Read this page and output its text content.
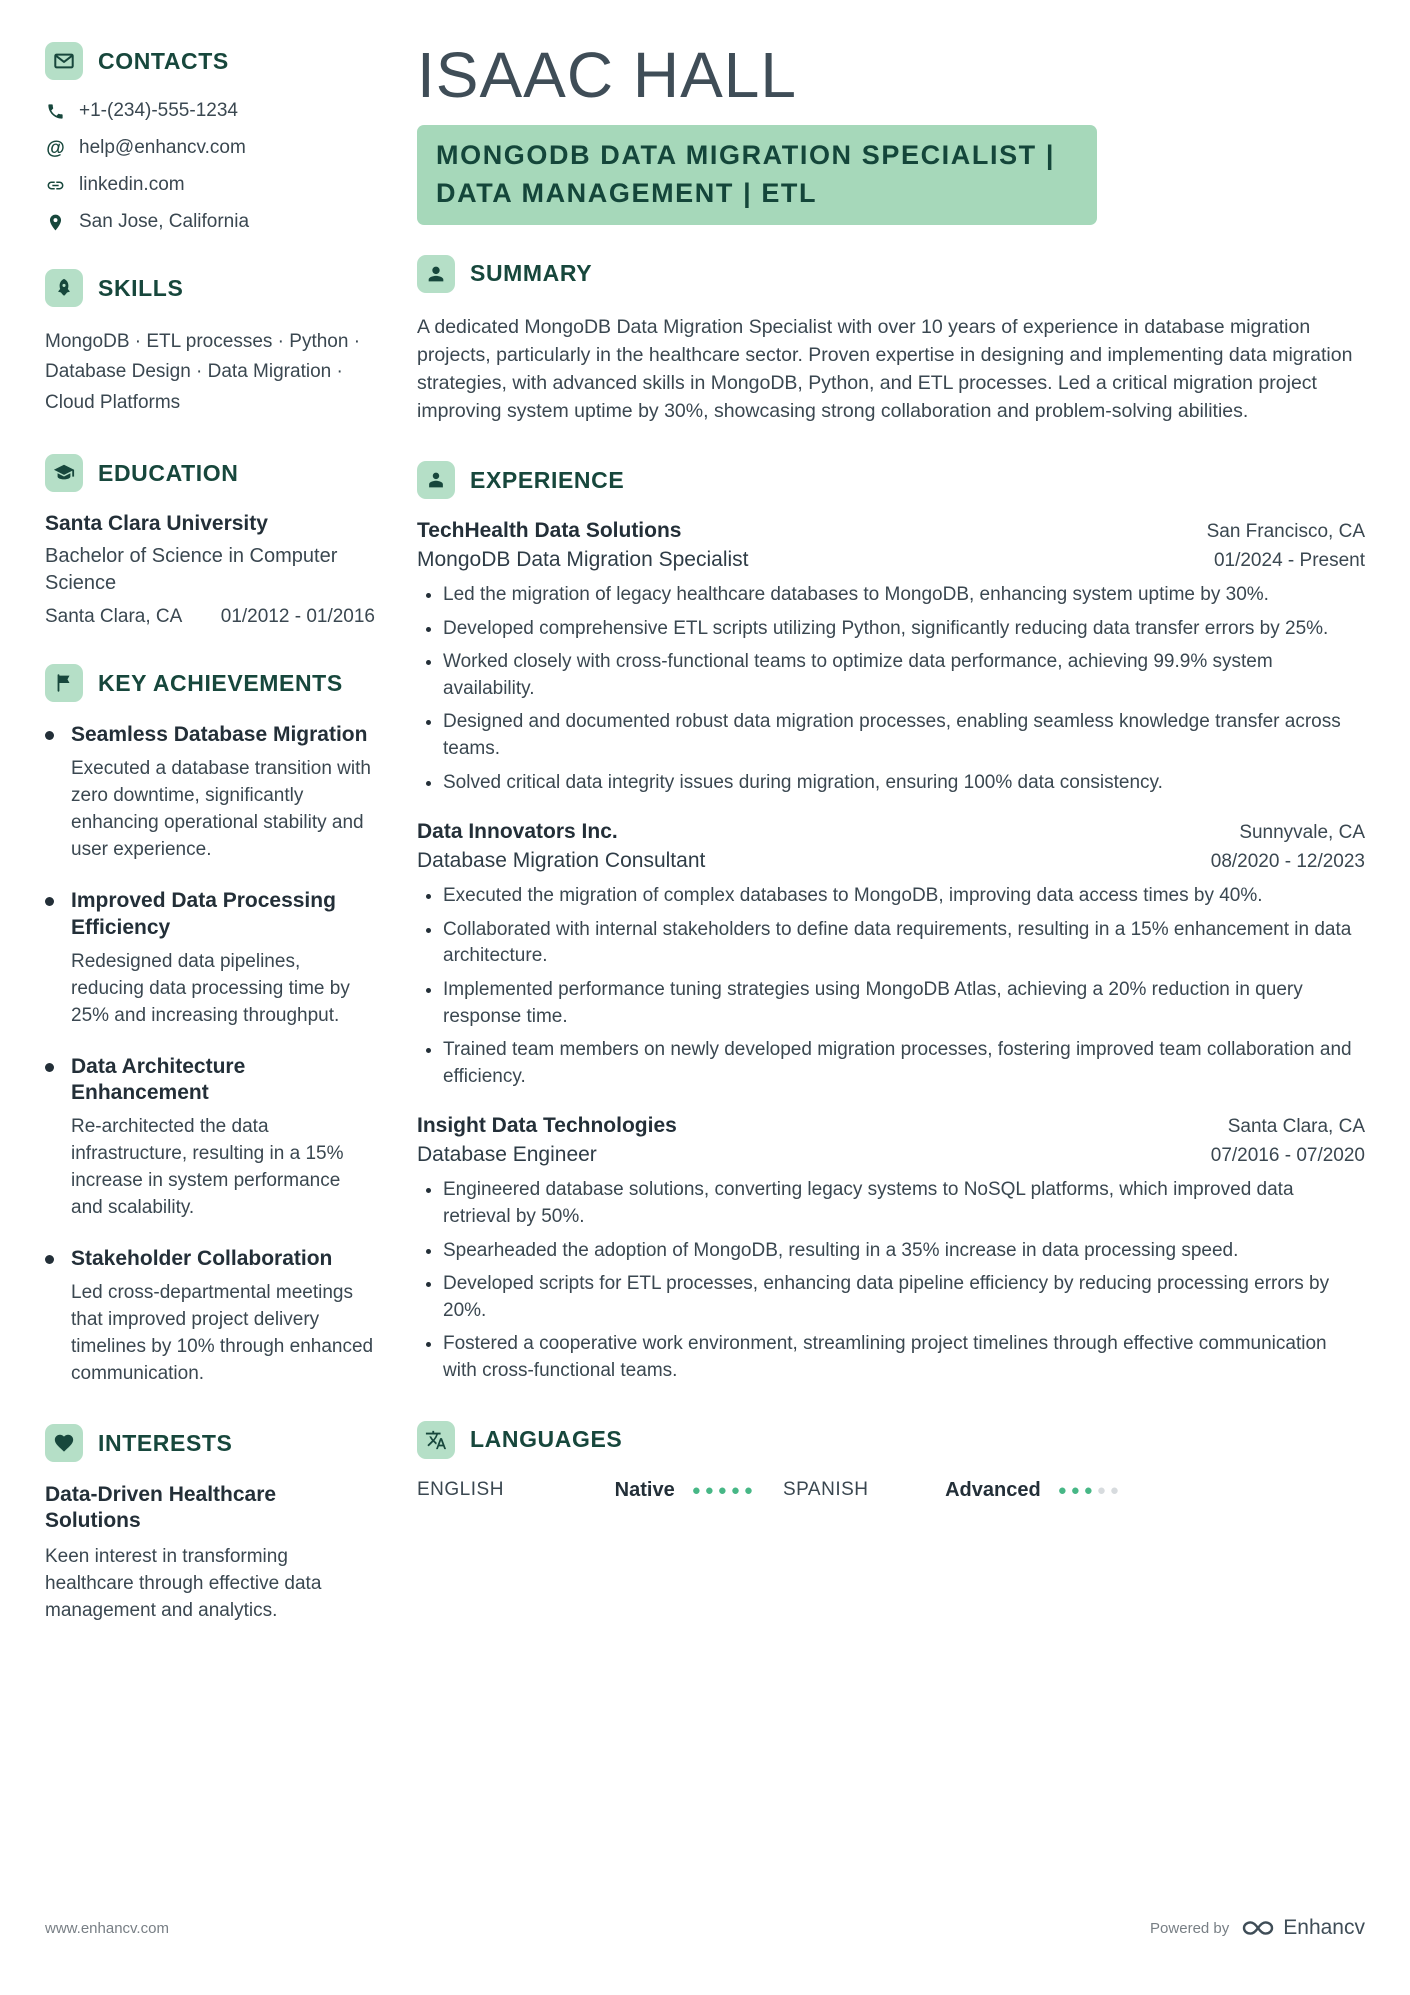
CONTACTS
+1-(234)-555-1234
@ help@enhancv.com
linkedin.com
San Jose, California
SKILLS

MongoDB · ETL processes · Python · Database Design · Data Migration · Cloud Platforms

EDUCATION
Santa Clara University
Bachelor of Science in Computer Science
Santa Clara, CA 01/2012 - 01/2016
KEY ACHIEVEMENTS
Seamless Database Migration
Executed a database transition with zero downtime, significantly enhancing operational stability and user experience.
Improved Data Processing Efficiency
Redesigned data pipelines, reducing data processing time by 25% and increasing throughput.
Data Architecture Enhancement
Re-architected the data infrastructure, resulting in a 15% increase in system performance and scalability.
Stakeholder Collaboration
Led cross-departmental meetings that improved project delivery timelines by 10% through enhanced communication.
INTERESTS
Data-Driven Healthcare Solutions
Keen interest in transforming healthcare through effective data management and analytics.
ISAAC HALL
MONGODB DATA MIGRATION SPECIALIST | DATA MANAGEMENT | ETL
SUMMARY

A dedicated MongoDB Data Migration Specialist with over 10 years of experience in database migration projects, particularly in the healthcare sector. Proven expertise in designing and implementing data migration strategies, with advanced skills in MongoDB, Python, and ETL processes. Led a critical migration project improving system uptime by 30%, showcasing strong collaboration and problem-solving abilities.

EXPERIENCE
TechHealth Data Solutions	San Francisco, CA
MongoDB Data Migration Specialist	01/2024 - Present
• Led the migration of legacy healthcare databases to MongoDB, enhancing system uptime by 30%.
• Developed comprehensive ETL scripts utilizing Python, significantly reducing data transfer errors by 25%.
• Worked closely with cross-functional teams to optimize data performance, achieving 99.9% system availability.
• Designed and documented robust data migration processes, enabling seamless knowledge transfer across teams.
• Solved critical data integrity issues during migration, ensuring 100% data consistency.
Data Innovators Inc.	Sunnyvale, CA
Database Migration Consultant	08/2020 - 12/2023
• Executed the migration of complex databases to MongoDB, improving data access times by 40%.
• Collaborated with internal stakeholders to define data requirements, resulting in a 15% enhancement in data architecture.
• Implemented performance tuning strategies using MongoDB Atlas, achieving a 20% reduction in query response time.
• Trained team members on newly developed migration processes, fostering improved team collaboration and efficiency.
Insight Data Technologies	Santa Clara, CA
Database Engineer	07/2016 - 07/2020
• Engineered database solutions, converting legacy systems to NoSQL platforms, which improved data retrieval by 50%.
• Spearheaded the adoption of MongoDB, resulting in a 35% increase in data processing speed.
• Developed scripts for ETL processes, enhancing data pipeline efficiency by reducing processing errors by 20%.
• Fostered a cooperative work environment, streamlining project timelines through effective communication with cross-functional teams.
LANGUAGES
ENGLISH	Native ●●●●● SPANISH	Advanced ●●●●●
www.enhancv.com	Powered by	Enhancv
